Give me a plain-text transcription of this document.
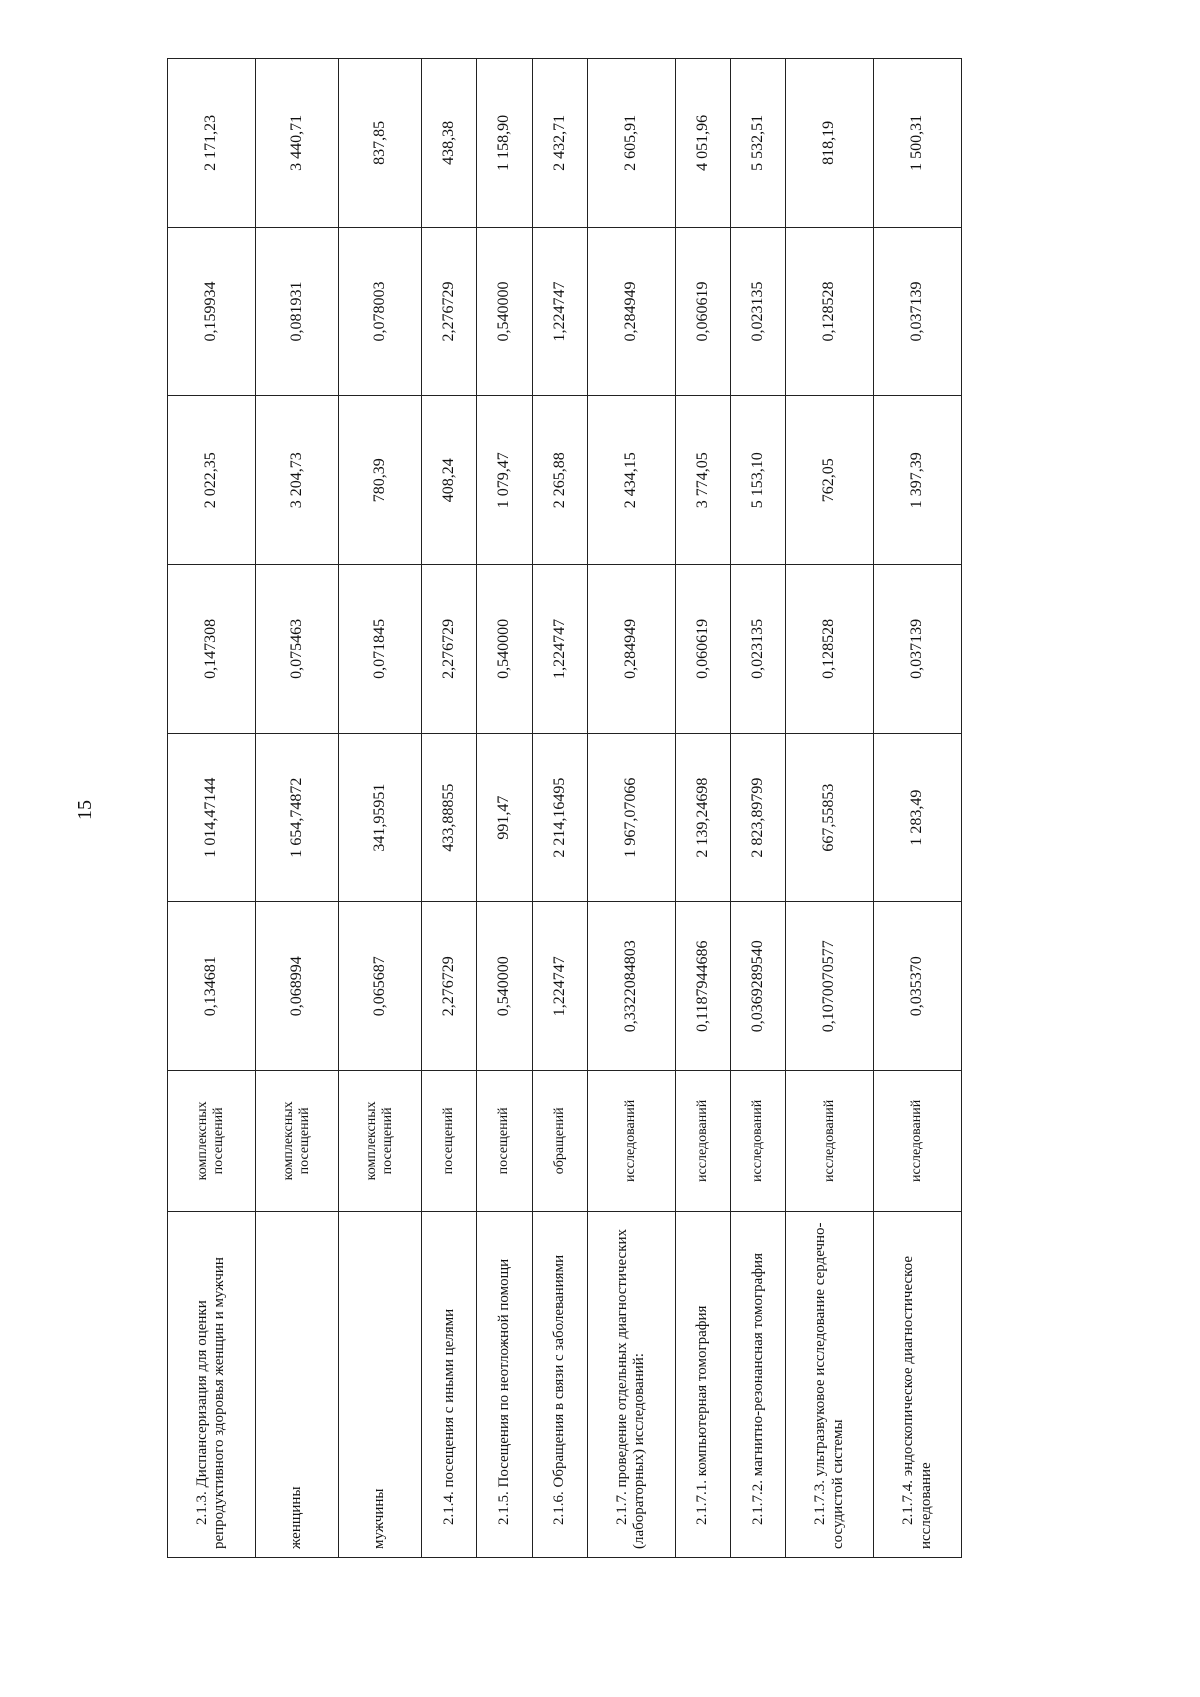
15
2.1.3. Диспансеризация для оценки репродуктивного здоровья женщин и мужчин	комплексных посещений	0,134681	1 014,47144	0,147308	2 022,35	0,159934	2 171,23
женщины	комплексных посещений	0,068994	1 654,74872	0,075463	3 204,73	0,081931	3 440,71
мужчины	комплексных посещений	0,065687	341,95951	0,071845	780,39	0,078003	837,85

2.1.4. посещения с иными целями	посещений	2,276729	433,88855	2,276729	408,24	2,276729	438,38

2.1.5. Посещения по неотложной помощи	посещений	0,540000	991,47	0,540000	1 079,47	0,540000	1 158,90

2.1.6. Обращения в связи с заболеваниями	обращений	1,224747	2 214,16495	1,224747	2 265,88	1,224747	2 432,71

2.1.7. проведение отдельных диагностических (лабораторных) исследований:	исследований	0,3322084803	1 967,07066	0,284949	2 434,15	0,284949	2 605,91

2.1.7.1. компьютерная томография	исследований	0,1187944686	2 139,24698	0,060619	3 774,05	0,060619	4 051,96

2.1.7.2. магнитно-резонансная томография	исследований	0,0369289540	2 823,89799	0,023135	5 153,10	0,023135	5 532,51

2.1.7.3. ультразвуковое исследование сердечно-сосудистой системы	исследований	0,1070070577	667,55853	0,128528	762,05	0,128528	818,19

2.1.7.4. эндоскопическое диагностическое исследование	исследований	0,035370	1 283,49	0,037139	1 397,39	0,037139	1 500,31
